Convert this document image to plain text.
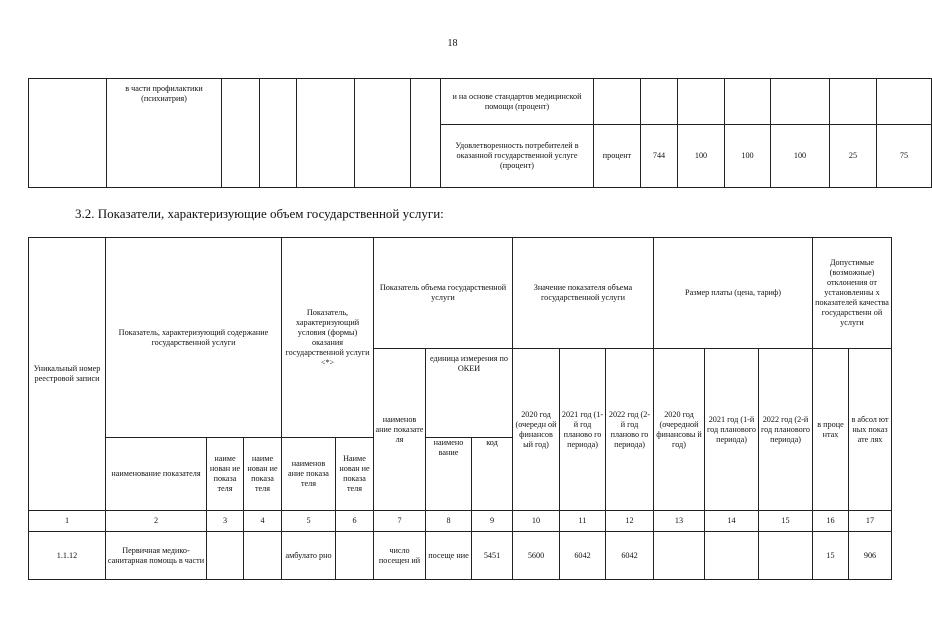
18
	в части профилактики (психиатрия)						и на основе стандартов медицинской помощи (процент)							
							Удовлетворенность потребителей в оказанной государственной услуге (процент)	процент	744	100	100	100	25	75
3.2. Показатели, характеризующие объем государственной услуги:
Уникальный номер реестровой записи	Показатель, характеризующий содержание государственной услуги			Показатель, характеризующий условия (формы) оказания государственной услуги <*>		Показатель объема государственной услуги			Значение показателя объема государственной услуги			Размер платы (цена, тариф)			Допустимые (возможные) отклонения от установленны х показателей качества государственн ой услуги	
						наименов ание показате ля	единица измерения по ОКЕИ		2020 год (очередн ой финансов ый год)	2021 год (1-й год планово го периода)	2022 год (2-й год планово го периода)	2020 год (очередной финансовы й год)	2021 год (1-й год планового периода)	2022 год (2-й год планового периода)	в проце нтах	в абсол ют ных показ ате лях
	наименование показателя	наиме нован ие показа теля	наиме нован ие показа теля	наименов ание показа теля	Наиме нован ие показа теля		наимено вание	код								
1	2	3	4	5	6	7	8	9	10	11	12	13	14	15	16	17
1.1.12	Первичная медико-санитарная помощь в части			амбулато рно		число посещен ий	посеще ние	5451	5600	6042	6042				15	906
